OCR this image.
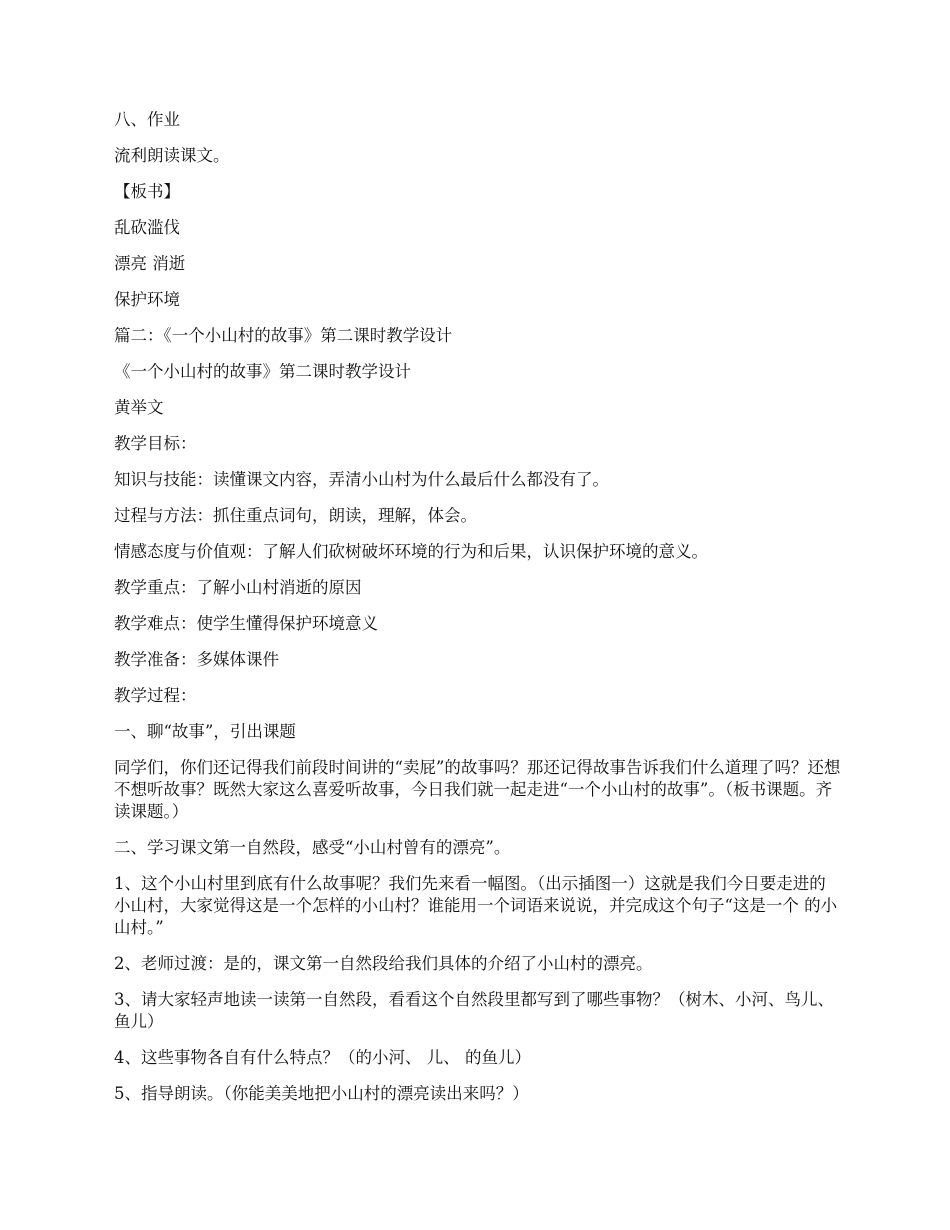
八、作业

流利朗读课文。

【板书】

乱砍滥伐

漂亮 消逝

保护环境

篇二：《一个小山村的故事》第二课时教学设计

《一个小山村的故事》第二课时教学设计

黄举文

教学目标：

知识与技能：读懂课文内容，弄清小山村为什么最后什么都没有了。

过程与方法：抓住重点词句，朗读，理解，体会。

情感态度与价值观：了解人们砍树破坏环境的行为和后果，认识保护环境的意义。

教学重点：了解小山村消逝的原因

教学难点：使学生懂得保护环境意义

教学准备：多媒体课件

教学过程：

一、聊“故事”，引出课题

同学们，你们还记得我们前段时间讲的“卖屁”的故事吗？那还记得故事告诉我们什么道理了吗？还想不想听故事？既然大家这么喜爱听故事，今日我们就一起走进“一个小山村的故事”。（板书课题。齐读课题。）

二、学习课文第一自然段，感受“小山村曾有的漂亮”。

1、这个小山村里到底有什么故事呢？我们先来看一幅图。（出示插图一）这就是我们今日要走进的小山村，大家觉得这是一个怎样的小山村？谁能用一个词语来说说，并完成这个句子“这是一个 的小山村。”

2、老师过渡：是的，课文第一自然段给我们具体的介绍了小山村的漂亮。

3、请大家轻声地读一读第一自然段，看看这个自然段里都写到了哪些事物？（树木、小河、鸟儿、鱼儿）

4、这些事物各自有什么特点？（的小河、 儿、 的鱼儿）

5、指导朗读。（你能美美地把小山村的漂亮读出来吗？）
